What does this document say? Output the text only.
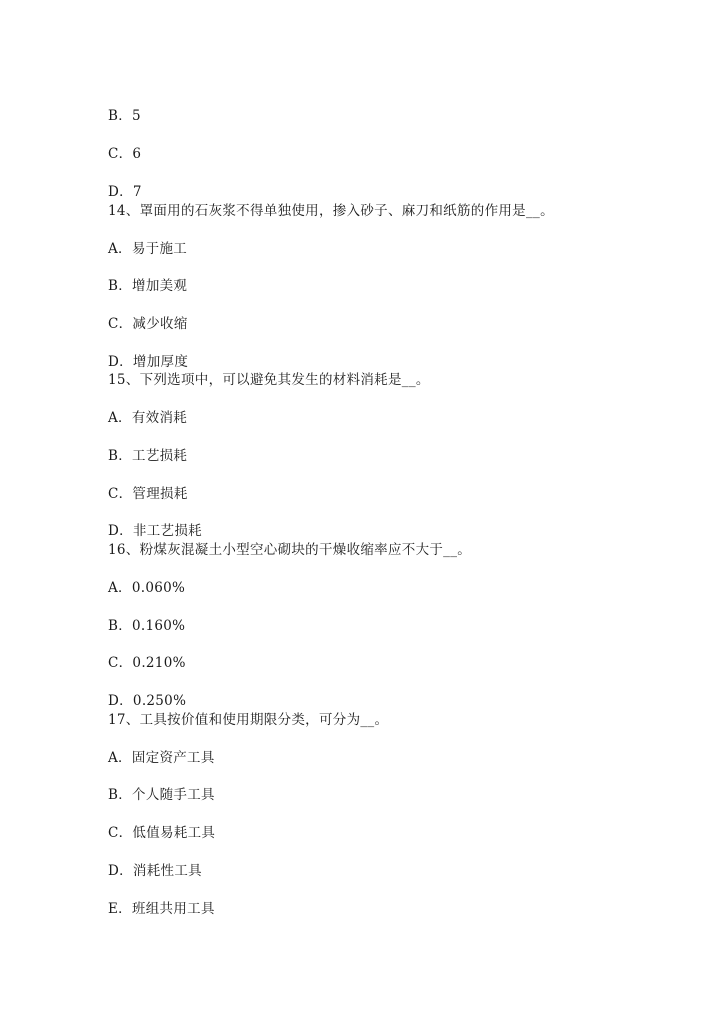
B．5
C．6
D．7
14、罩面用的石灰浆不得单独使用，掺入砂子、麻刀和纸筋的作用是__。
A．易于施工
B．增加美观
C．减少收缩
D．增加厚度
15、下列选项中，可以避免其发生的材料消耗是__。
A．有效消耗
B．工艺损耗
C．管理损耗
D．非工艺损耗
16、粉煤灰混凝土小型空心砌块的干燥收缩率应不大于__。
A．0.060%
B．0.160%
C．0.210%
D．0.250%
17、工具按价值和使用期限分类，可分为__。
A．固定资产工具
B．个人随手工具
C．低值易耗工具
D．消耗性工具
E．班组共用工具
